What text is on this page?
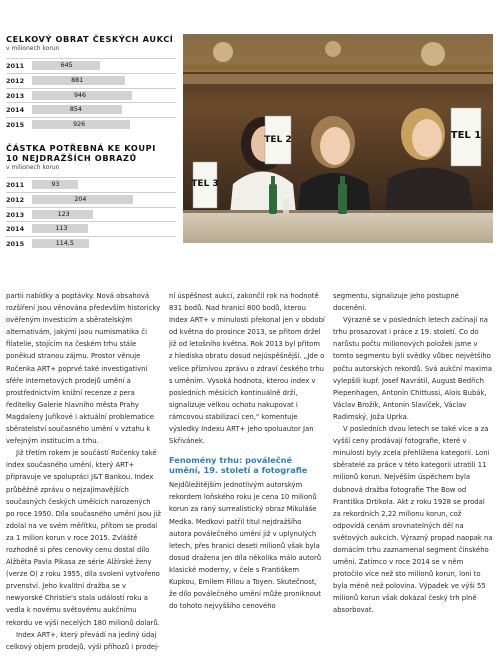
CELKOVÝ OBRAT ČESKÝCH AUKCÍ
v milionech korun
2011	645
2012	881
2013	946
2014	854
2015	926
ČÁSTKA POTŘEBNÁ KE KOUPI
10 NEJDRAŽŠÍCH OBRAZŮ
v milionech korun
2011	93
2012	204
2013	123
2014	113
2015	114,5
TEL 3
TEL 2	TEL 1

partii nabídky a poptávky. Nová obsahová rozšíření jsou věnována především historicky ověřeným investicím a sběratelským alternativám, jakými jsou numismatika či filatelie, stojícím na českém trhu stále poněkud stranou zájmu. Prostor věnuje Ročenka ART+ poprvé také investigativní sféře internetových prodejů umění a prostřednictvím knižní recenze z pera ředitelky Galerie hlavního města Prahy Magdaleny Juříkové i aktuální problematice sběratelství současného umění v vztahu k veřejným institucím a trhu.

Již třetím rokem je součástí Ročenky také index současného umění, který ART+ připravuje ve spolupráci J&T Bankou. Index průběžně zprávu o nejzajímavějších současných českých umělcích narozených po roce 1950. Díla současného umění jsou již zdolal na ve svém měřítku, přítom se prodal za 1 milion korun v roce 2015. Zvláště rozhodně si přes cenovky cenu dostal dílo Alžběta Pavla Pikasa ze série Alžírské ženy (verze O) z roku 1955, díla svolení vytvořeno prvenství. Jeho kvalitní dražba se v newyorské Christie's stala událostí roku a vedla k novému světovému aukčnímu rekordu ve výši necelých 180 milionů dolarů.

Index ART+, který převádí na jediný údaj celkový objem prodejů, výši příhozů i prodej-

ní úspěšnost aukcí, zakončil rok na hodnotě 831 bodů. Nad hranicí 800 bodů, kterou Index ART+ v minulosti překonal jen v období od května do prosince 2013, se přitom držel již od letošního května. Rok 2013 byl přitom z hlediska obratu dosud nejúspěšnější. „Jde o velice příznivou zprávu o zdraví českého trhu s uměním. Vysoká hodnota, kterou index v posledních měsících kontinuálně drží, signalizuje velkou ochotu nakupovat i rámcovou stabilizaci cen," komentuje výsledky Indexu ART+ jeho spoluautor Jan Skřivánek.

Fenomény trhu: poválečné umění, 19. století a fotografie

Nejdůležitějším jednotlivým autorským rekordem loňského roku je cena 10 milionů korun za raný surrealistický obraz Mikuláše Medka. Medkovi patřil titul nejdražšího autora poválečného umění již v uplynulých letech, přes hranici deseti milionů však byla dosud dražena jen díla několika málo autorů klasické moderny, v čele s Františkem Kupkou, Emilem Fillou a Toyen. Skutečnost, že dílo poválečného umění může proniknout do tohoto nejvyššího cenového

segmentu, signalizuje jeho postupné docenění.

Výrazně se v posledních letech začínají na trhu prosazovat i práce z 19. století. Co do narůstu počtu milionových položek jsme v tomto segmentu byli svědky vůbec největšího počtu autorských rekordů. Svá aukční maxima vylepšili kupř. Josef Navrátil, August Bedřich Piepenhagen, Antonín Chittussi, Alois Bubák, Václav Brožík, Antonín Slavíček, Václav Radimský, Joža Uprka.

V posledních dvou letech se také více a za vyšší ceny prodávají fotografie, které v minulosti byly zcela přehlížena kategorií. Loni sběratelé za práce v této kategorii utratili 11 milionů korun. Nejvěším úspěchem byla dubnová dražba fotografie The Bow od Františka Drtikola. Akt z roku 1928 se prodal za rekordních 2,22 milionu korun, což odpovídá cenám srovnatelných děl na světových aukcích. Výrazný propad naopak na domácím trhu zaznamenal segment čínského umění. Zatímco v roce 2014 se v něm protočilo více než sto milionů korun, loni to byla méně než polovina. Výpadek ve výši 55 milionů korun však dokázal český trh plně absorbovat.
